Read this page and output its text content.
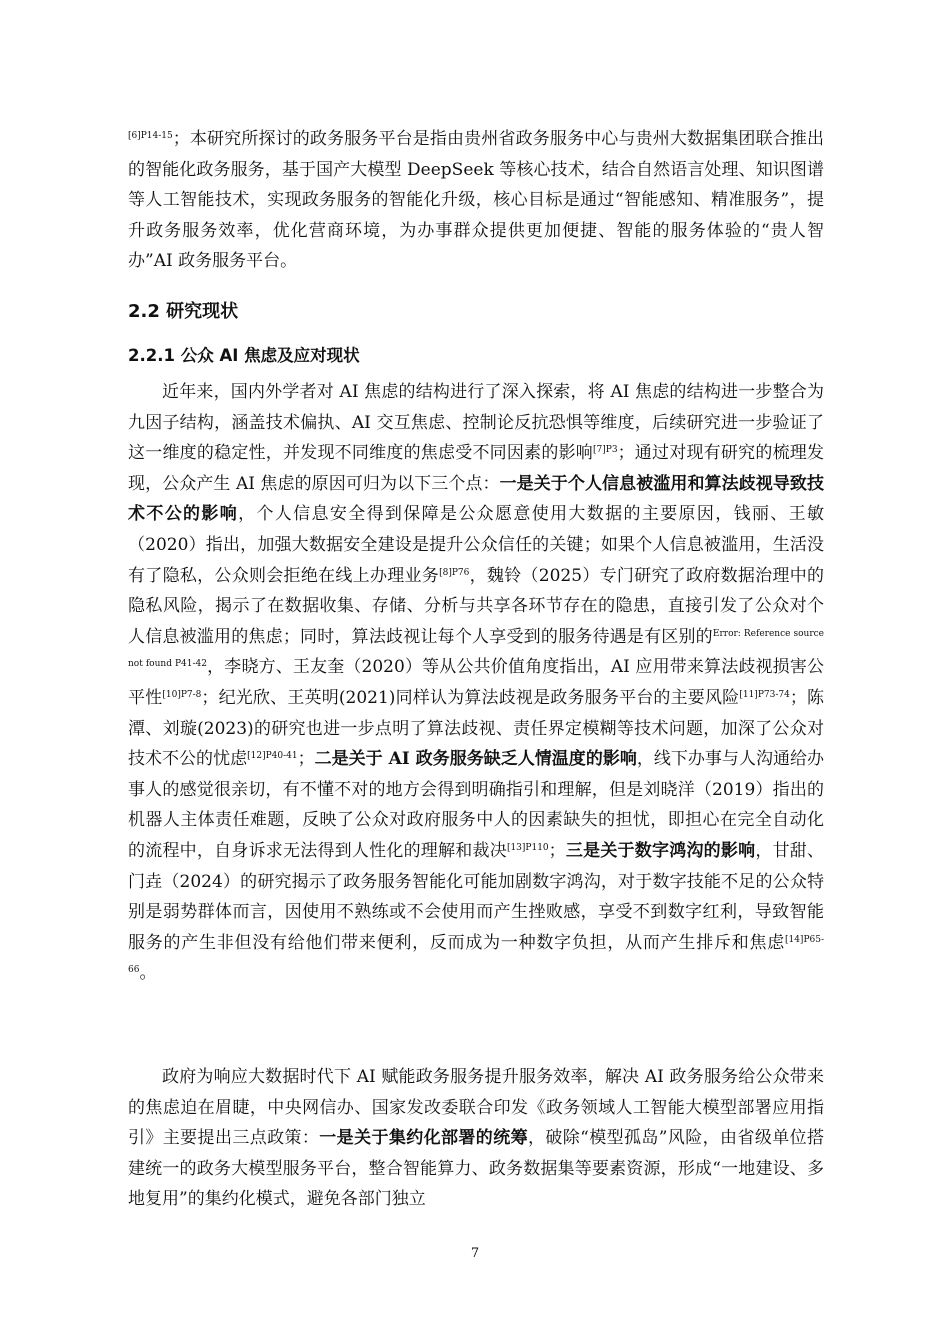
$^{[6]P14-15}$；本研究所探讨的政务服务平台是指由贵州省政务服务中心与贵州大数据集团联合推出的智能化政务服务，基于国产大模型 DeepSeek 等核心技术，结合自然语言处理、知识图谱等人工智能技术，实现政务服务的智能化升级，核心目标是通过“智能感知、精准服务”，提升政务服务效率，优化营商环境，为办事群众提供更加便捷、智能的服务体验的“贵人智办”AI 政务服务平台。

2.2 研究现状
2.2.1 公众 AI 焦虑及应对现状

近年来，国内外学者对 AI 焦虑的结构进行了深入探索，将 AI 焦虑的结构进一步整合为九因子结构，涵盖技术偏执、AI 交互焦虑、控制论反抗恐惧等维度，后续研究进一步验证了这一维度的稳定性，并发现不同维度的焦虑受不同因素的影响$^{[7]P3}$；通过对现有研究的梳理发现，公众产生 AI 焦虑的原因可归为以下三个点：一是关于个人信息被滥用和算法歧视导致技术不公的影响，个人信息安全得到保障是公众愿意使用大数据的主要原因，钱丽、王敏（2020）指出，加强大数据安全建设是提升公众信任的关键；如果个人信息被滥用，生活没有了隐私，公众则会拒绝在线上办理业务$^{[8]P76}$，魏铃（2025）专门研究了政府数据治理中的隐私风险，揭示了在数据收集、存储、分析与共享各环节存在的隐患，直接引发了公众对个人信息被滥用的焦虑；同时，算法歧视让每个人享受到的服务待遇是有区别的$^{Error: Reference source not found P41-42}$，李晓方、王友奎（2020）等从公共价值角度指出，AI 应用带来算法歧视损害公平性$^{[10]P7-8}$；纪光欣、王英明(2021)同样认为算法歧视是政务服务平台的主要风险$^{[11]P73-74}$；陈潭、刘璇(2023)的研究也进一步点明了算法歧视、责任界定模糊等技术问题，加深了公众对技术不公的忧虑$^{[12]P40-41}$；二是关于 AI 政务服务缺乏人情温度的影响，线下办事与人沟通给办事人的感觉很亲切，有不懂不对的地方会得到明确指引和理解，但是刘晓洋（2019）指出的机器人主体责任难题，反映了公众对政府服务中人的因素缺失的担忧，即担心在完全自动化的流程中，自身诉求无法得到人性化的理解和裁决$^{[13]P110}$；三是关于数字鸿沟的影响，甘甜、门垚（2024）的研究揭示了政务服务智能化可能加剧数字鸿沟，对于数字技能不足的公众特别是弱势群体而言，因使用不熟练或不会使用而产生挫败感，享受不到数字红利，导致智能服务的产生非但没有给他们带来便利，反而成为一种数字负担，从而产生排斥和焦虑$^{[14]P65-66}$。

政府为响应大数据时代下 AI 赋能政务服务提升服务效率，解决 AI 政务服务给公众带来的焦虑迫在眉睫，中央网信办、国家发改委联合印发《政务领域人工智能大模型部署应用指引》主要提出三点政策：一是关于集约化部署的统筹，破除“模型孤岛”风险，由省级单位搭建统一的政务大模型服务平台，整合智能算力、政务数据集等要素资源，形成“一地建设、多地复用”的集约化模式，避免各部门独立

7
